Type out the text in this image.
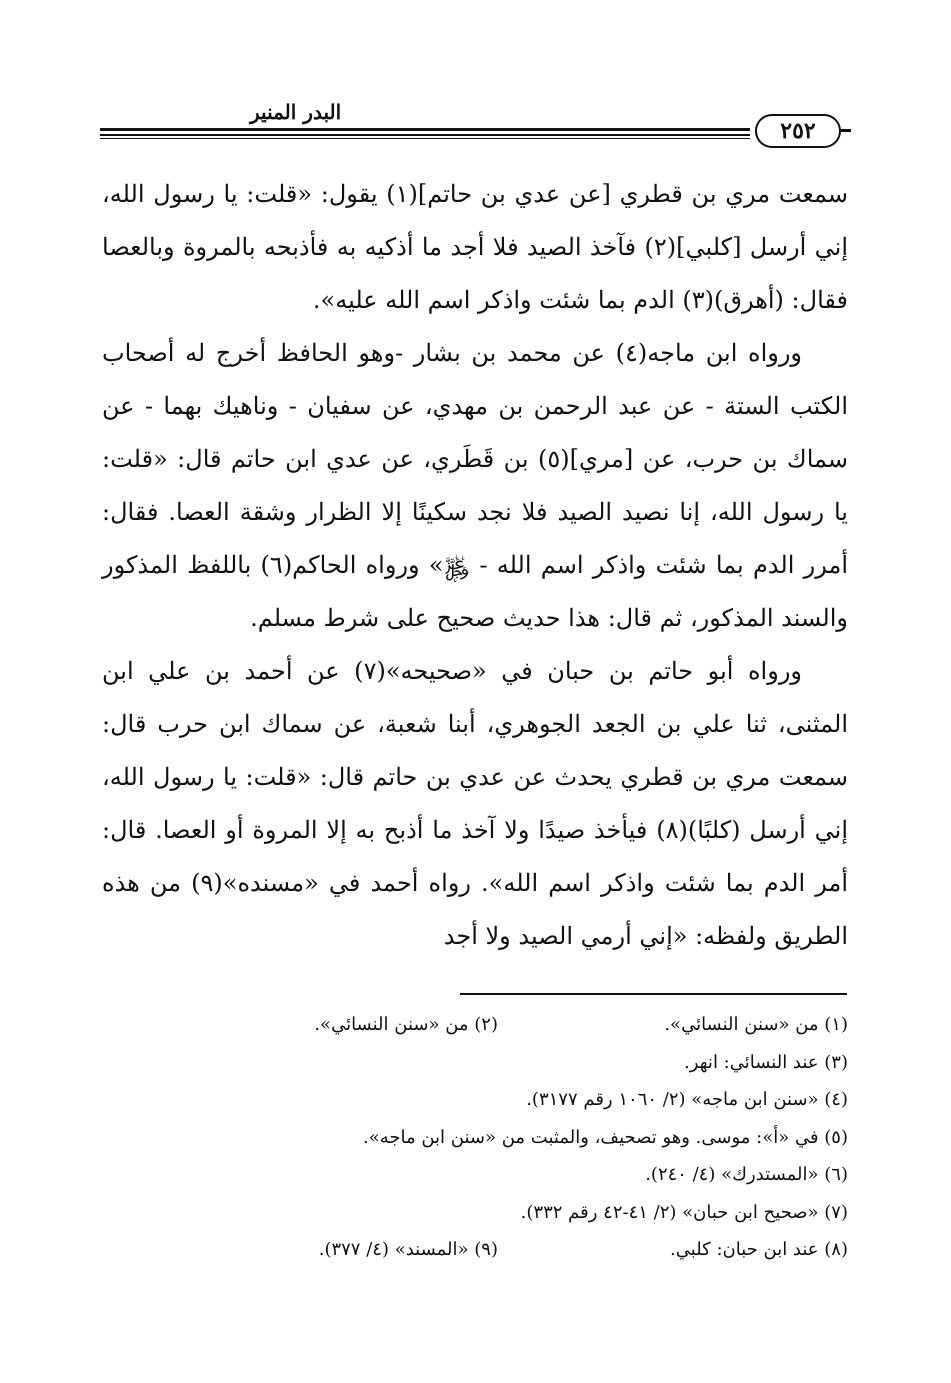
البدر المنير
٢٥٢

سمعت مري بن قطري [عن عدي بن حاتم](١) يقول: «قلت: يا رسول الله، إني أرسل [كلبي](٢) فآخذ الصيد فلا أجد ما أذكيه به فأذبحه بالمروة وبالعصا فقال: (أهرق)(٣) الدم بما شئت واذكر اسم الله عليه».

ورواه ابن ماجه(٤) عن محمد بن بشار -وهو الحافظ أخرج له أصحاب الكتب الستة - عن عبد الرحمن بن مهدي، عن سفيان - وناهيك بهما - عن سماك بن حرب، عن [مري](٥) بن قَطَري، عن عدي ابن حاتم قال: «قلت: يا رسول الله، إنا نصيد الصيد فلا نجد سكينًا إلا الظرار وشقة العصا. فقال: أمرر الدم بما شئت واذكر اسم الله - ﷿» ورواه الحاكم(٦) باللفظ المذكور والسند المذكور، ثم قال: هذا حديث صحيح على شرط مسلم.

ورواه أبو حاتم بن حبان في «صحيحه»(٧) عن أحمد بن علي ابن المثنى، ثنا علي بن الجعد الجوهري، أبنا شعبة، عن سماك ابن حرب قال: سمعت مري بن قطري يحدث عن عدي بن حاتم قال: «قلت: يا رسول الله، إني أرسل (كلبًا)(٨) فيأخذ صيدًا ولا آخذ ما أذبح به إلا المروة أو العصا. قال: أمر الدم بما شئت واذكر اسم الله». رواه أحمد في «مسنده»(٩) من هذه الطريق ولفظه: «إني أرمي الصيد ولا أجد

(١) من «سنن النسائي».
(٢) من «سنن النسائي».
(٣) عند النسائي: انهر.
(٤) «سنن ابن ماجه» (٢/ ١٠٦٠ رقم ٣١٧٧).
(٥) في «أ»: موسى. وهو تصحيف، والمثبت من «سنن ابن ماجه».
(٦) «المستدرك» (٤/ ٢٤٠).
(٧) «صحيح ابن حبان» (٢/ ٤١-٤٢ رقم ٣٣٢).
(٨) عند ابن حبان: كلبي.
(٩) «المسند» (٤/ ٣٧٧).
